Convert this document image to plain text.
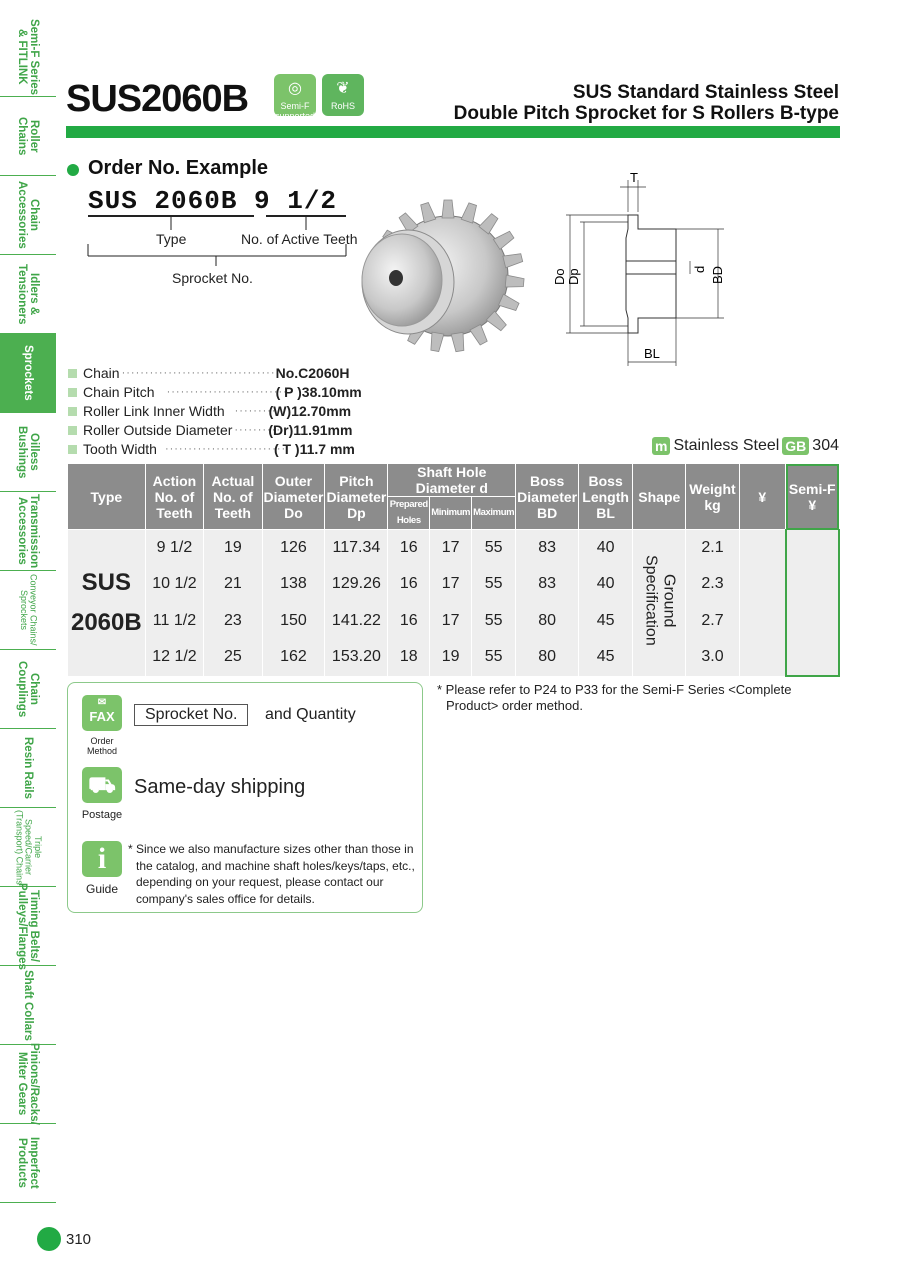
Semi-F Series
& FITLINK
Roller
Chains
Chain
Accessories
Idlers &
Tensioners
Sprockets
Oilless
Bushings
Transmission
Accessories
Conveyor Chains/
Sprockets
Chain
Couplings
Resin Rails
Triple Speed/Carrier
(Transport) Chains
Timing Belts/
Pulleys/Flanges
Shaft Collars
Pinions/Racks/
Miter Gears
Imperfect
Products
SUS2060B	◎
Semi-F
supported
❦
RoHS
SUS Standard Stainless Steel
Double Pitch Sprocket for S Rollers B-type
Order No. Example
SUS 2060B 9 1/2
Type	No. of Active Teeth
Sprocket No.
T
Do Dp	d BD
BL
Chain ··································
No.C2060H
Chain Pitch ··························
( P )38.10mm
Roller Link Inner Width ··········
(W)12.70mm
Roller Outside Diameter ··········
(Dr)11.91mm
Tooth Width ··························
( T )11.7 mm	m Stainless Steel GB 304
Type	Action No. of Teeth	Actual No. of Teeth	Outer Diameter Do	Pitch Diameter Dp	Shaft Hole Diameter d			Boss Diameter BD	Boss Length BL	Shape	Weight kg	¥	Semi-F ¥
					Prepared Holes	Minimum	Maximum						

SUS
2060B	9 1/2	19	126	117.34	16	17	55	83	40	Ground Specification	2.1		
	10 1/2	21	138	129.26	16	17	55	83	40		2.3		
	11 1/2	23	150	141.22	16	17	55	80	45		2.7		
	12 1/2	25	162	153.20	18	19	55	80	45		3.0		
✉
FAX
Order Method
Sprocket No.	and Quantity
⛟
Postage
Same-day shipping
i
Guide
* Since we also manufacture sizes other than those in the catalog, and machine shaft holes/keys/taps, etc., depending on your request, please contact our company's sales office for details.
* Please refer to P24 to P33 for the Semi-F Series <Complete Product> order method.
310
